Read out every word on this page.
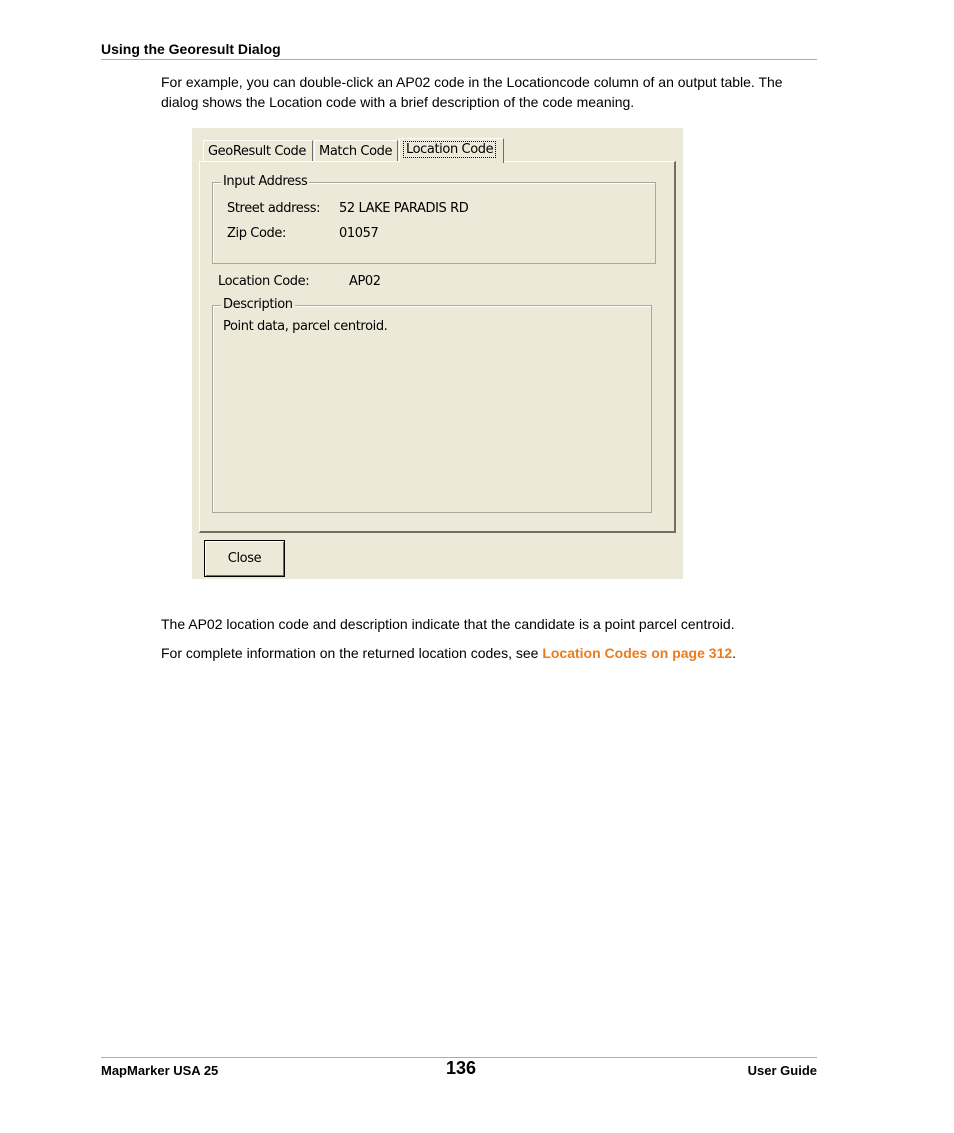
Using the Georesult Dialog
For example, you can double-click an AP02 code in the Locationcode column of an output table. The dialog shows the Location code with a brief description of the code meaning.
GeoResult Code Match Code	Location Code
Input Address
Street address: 52 LAKE PARADIS RD
Zip Code:	01057
Location Code:	AP02
Description
Point data, parcel centroid.
Close
The AP02 location code and description indicate that the candidate is a point parcel centroid.
For complete information on the returned location codes, see Location Codes on page 312.
MapMarker USA 25	136	User Guide
